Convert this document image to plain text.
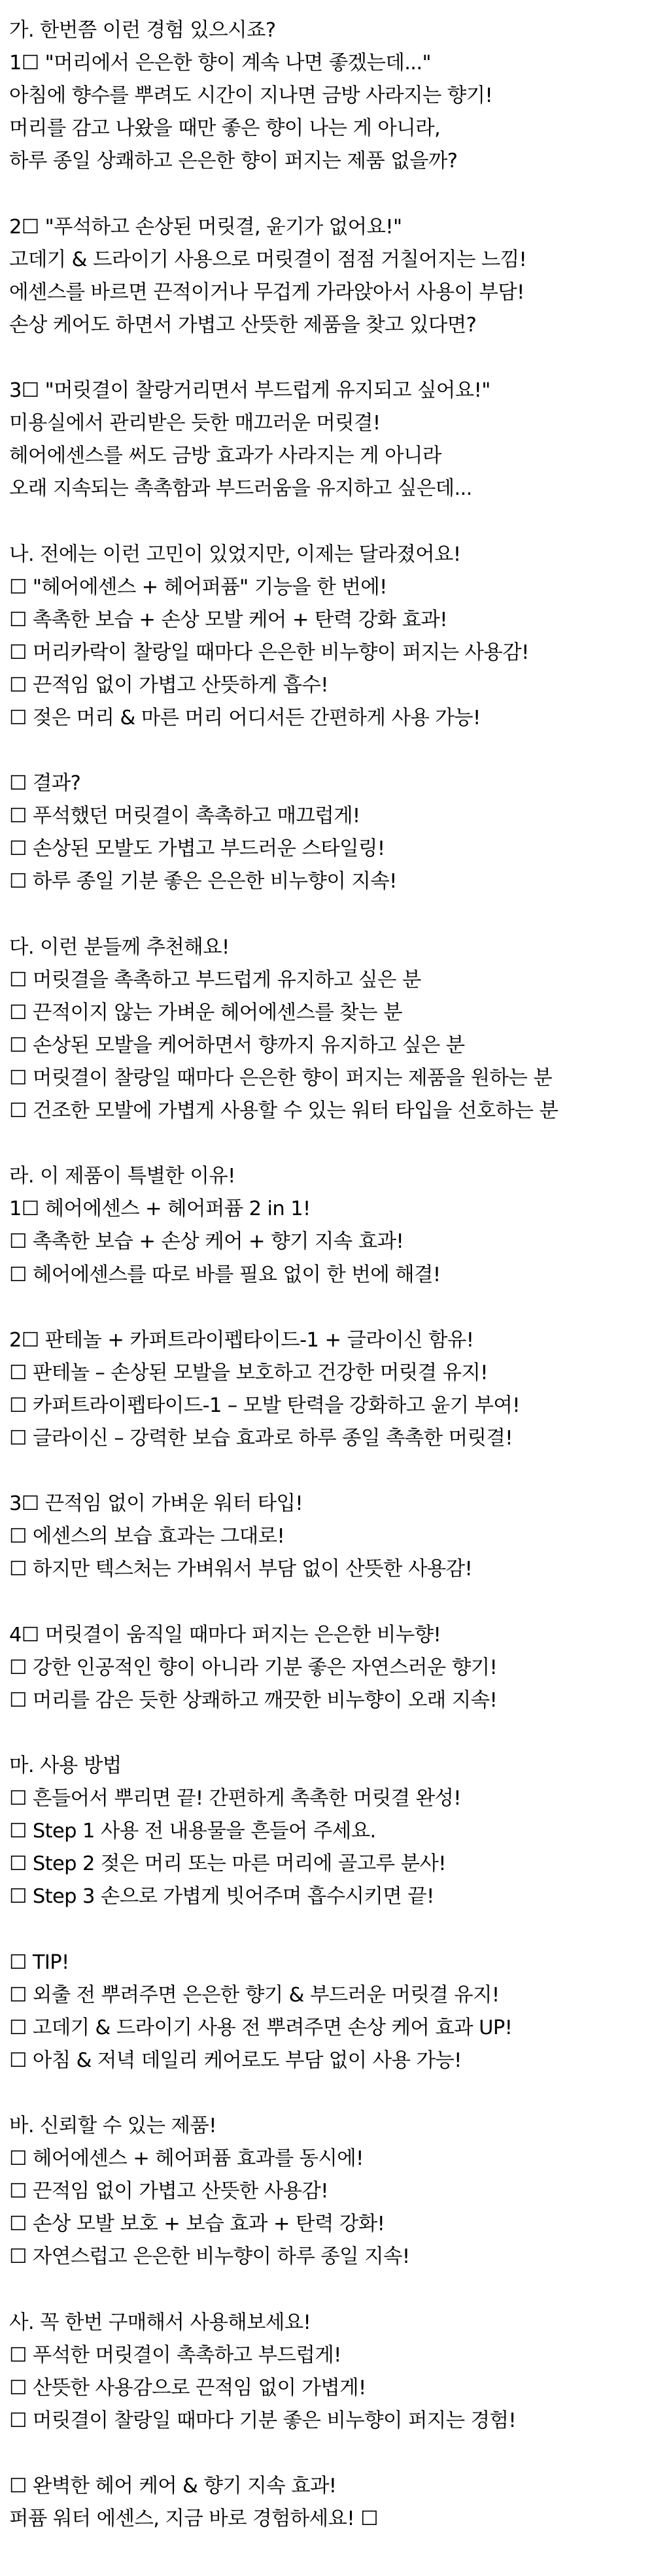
가. 한번쯤 이런 경험 있으시죠?
1☐ "머리에서 은은한 향이 계속 나면 좋겠는데..."
아침에 향수를 뿌려도 시간이 지나면 금방 사라지는 향기!
머리를 감고 나왔을 때만 좋은 향이 나는 게 아니라,
하루 종일 상쾌하고 은은한 향이 퍼지는 제품 없을까?
2☐ "푸석하고 손상된 머릿결, 윤기가 없어요!"
고데기 & 드라이기 사용으로 머릿결이 점점 거칠어지는 느낌!
에센스를 바르면 끈적이거나 무겁게 가라앉아서 사용이 부담!
손상 케어도 하면서 가볍고 산뜻한 제품을 찾고 있다면?
3☐ "머릿결이 찰랑거리면서 부드럽게 유지되고 싶어요!"
미용실에서 관리받은 듯한 매끄러운 머릿결!
헤어에센스를 써도 금방 효과가 사라지는 게 아니라
오래 지속되는 촉촉함과 부드러움을 유지하고 싶은데...
나. 전에는 이런 고민이 있었지만, 이제는 달라졌어요!
☐ "헤어에센스 + 헤어퍼퓸" 기능을 한 번에!
☐ 촉촉한 보습 + 손상 모발 케어 + 탄력 강화 효과!
☐ 머리카락이 찰랑일 때마다 은은한 비누향이 퍼지는 사용감!
☐ 끈적임 없이 가볍고 산뜻하게 흡수!
☐ 젖은 머리 & 마른 머리 어디서든 간편하게 사용 가능!
☐ 결과?
☐ 푸석했던 머릿결이 촉촉하고 매끄럽게!
☐ 손상된 모발도 가볍고 부드러운 스타일링!
☐ 하루 종일 기분 좋은 은은한 비누향이 지속!
다. 이런 분들께 추천해요!
☐ 머릿결을 촉촉하고 부드럽게 유지하고 싶은 분
☐ 끈적이지 않는 가벼운 헤어에센스를 찾는 분
☐ 손상된 모발을 케어하면서 향까지 유지하고 싶은 분
☐ 머릿결이 찰랑일 때마다 은은한 향이 퍼지는 제품을 원하는 분
☐ 건조한 모발에 가볍게 사용할 수 있는 워터 타입을 선호하는 분
라. 이 제품이 특별한 이유!
1☐ 헤어에센스 + 헤어퍼퓸 2 in 1!
☐ 촉촉한 보습 + 손상 케어 + 향기 지속 효과!
☐ 헤어에센스를 따로 바를 필요 없이 한 번에 해결!
2☐ 판테놀 + 카퍼트라이펩타이드-1 + 글라이신 함유!
☐ 판테놀 – 손상된 모발을 보호하고 건강한 머릿결 유지!
☐ 카퍼트라이펩타이드-1 – 모발 탄력을 강화하고 윤기 부여!
☐ 글라이신 – 강력한 보습 효과로 하루 종일 촉촉한 머릿결!
3☐ 끈적임 없이 가벼운 워터 타입!
☐ 에센스의 보습 효과는 그대로!
☐ 하지만 텍스처는 가벼워서 부담 없이 산뜻한 사용감!
4☐ 머릿결이 움직일 때마다 퍼지는 은은한 비누향!
☐ 강한 인공적인 향이 아니라 기분 좋은 자연스러운 향기!
☐ 머리를 감은 듯한 상쾌하고 깨끗한 비누향이 오래 지속!
마. 사용 방법
☐ 흔들어서 뿌리면 끝! 간편하게 촉촉한 머릿결 완성!
☐ Step 1 사용 전 내용물을 흔들어 주세요.
☐ Step 2 젖은 머리 또는 마른 머리에 골고루 분사!
☐ Step 3 손으로 가볍게 빗어주며 흡수시키면 끝!
☐ TIP!
☐ 외출 전 뿌려주면 은은한 향기 & 부드러운 머릿결 유지!
☐ 고데기 & 드라이기 사용 전 뿌려주면 손상 케어 효과 UP!
☐ 아침 & 저녁 데일리 케어로도 부담 없이 사용 가능!
바. 신뢰할 수 있는 제품!
☐ 헤어에센스 + 헤어퍼퓸 효과를 동시에!
☐ 끈적임 없이 가볍고 산뜻한 사용감!
☐ 손상 모발 보호 + 보습 효과 + 탄력 강화!
☐ 자연스럽고 은은한 비누향이 하루 종일 지속!
사. 꼭 한번 구매해서 사용해보세요!
☐ 푸석한 머릿결이 촉촉하고 부드럽게!
☐ 산뜻한 사용감으로 끈적임 없이 가볍게!
☐ 머릿결이 찰랑일 때마다 기분 좋은 비누향이 퍼지는 경험!
☐ 완벽한 헤어 케어 & 향기 지속 효과!
퍼퓸 워터 에센스, 지금 바로 경험하세요! ☐
